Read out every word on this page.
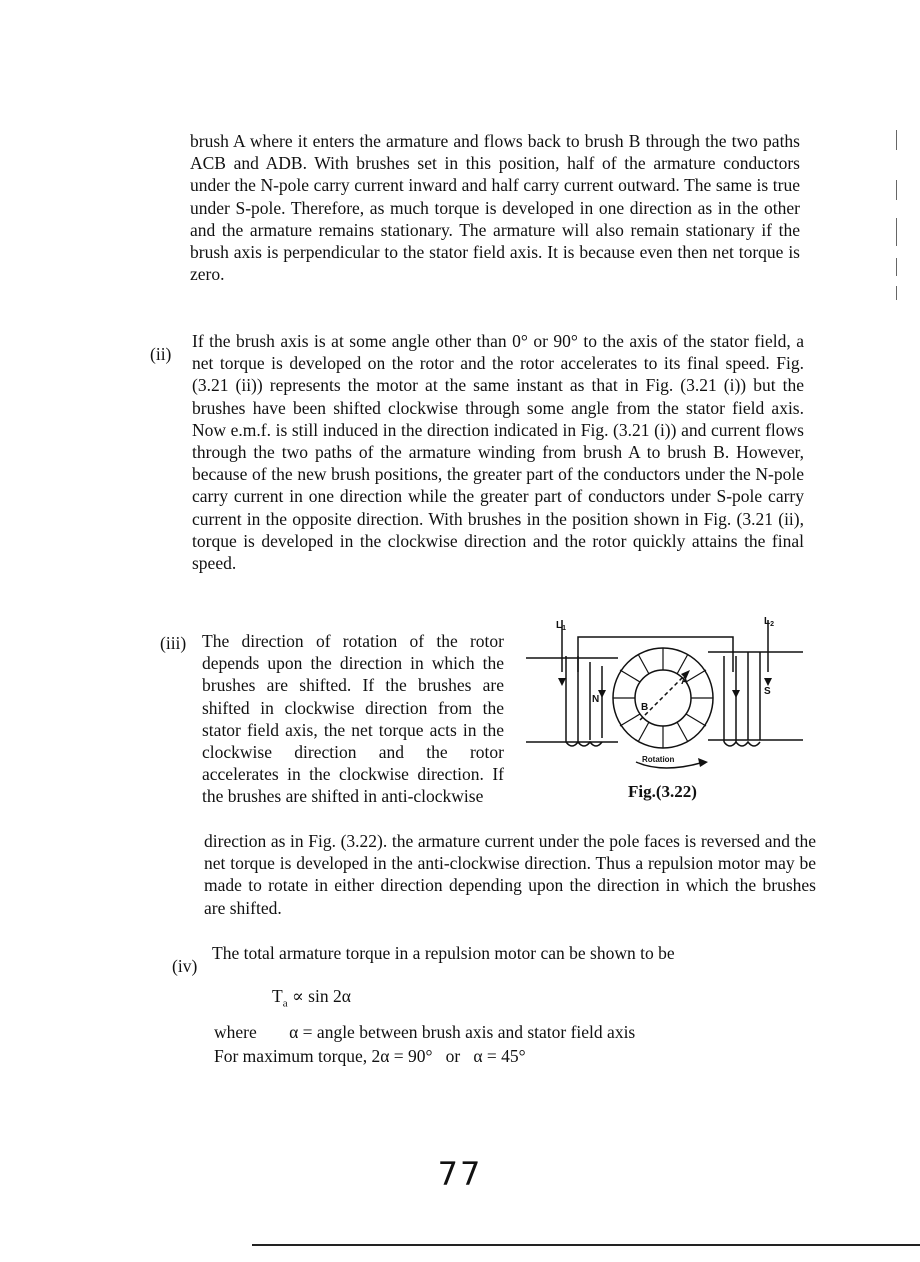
brush A where it enters the armature and flows back to brush B through the two paths ACB and ADB. With brushes set in this position, half of the armature conductors under the N-pole carry current inward and half carry current outward. The same is true under S-pole. Therefore, as much torque is developed in one direction as in the other and the armature remains stationary. The armature will also remain stationary if the brush axis is perpendicular to the stator field axis. It is because even then net torque is zero.

(ii)

If the brush axis is at some angle other than 0° or 90° to the axis of the stator field, a net torque is developed on the rotor and the rotor accelerates to its final speed. Fig. (3.21 (ii)) represents the motor at the same instant as that in Fig. (3.21 (i)) but the brushes have been shifted clockwise through some angle from the stator field axis. Now e.m.f. is still induced in the direction indicated in Fig. (3.21 (i)) and current flows through the two paths of the armature winding from brush A to brush B. However, because of the new brush positions, the greater part of the conductors under the N-pole carry current in one direction while the greater part of conductors under S-pole carry current in the opposite direction. With brushes in the position shown in Fig. (3.21 (ii), torque is developed in the clockwise direction and the rotor quickly attains the final speed.

(iii) The direction of rotation of the rotor depends upon the direction in which the brushes are shifted. If the brushes are shifted in clockwise direction from the stator field axis, the net torque acts in the clockwise direction and the rotor accelerates in the clockwise direction. If the brushes are shifted in anti-clockwise

direction as in Fig. (3.22). the armature current under the pole faces is reversed and the net torque is developed in the anti-clockwise direction. Thus a repulsion motor may be made to rotate in either direction depending upon the direction in which the brushes are shifted.

$L_1$
$L_2$
N
S
A
B
Rotation
Fig.(3.22)
(iv)

The total armature torque in a repulsion motor can be shown to be

$T_a \propto \sin 2\alpha$
where α = angle between brush axis and stator field axis
For maximum torque, 2α = 90°   or   α = 45°
77
